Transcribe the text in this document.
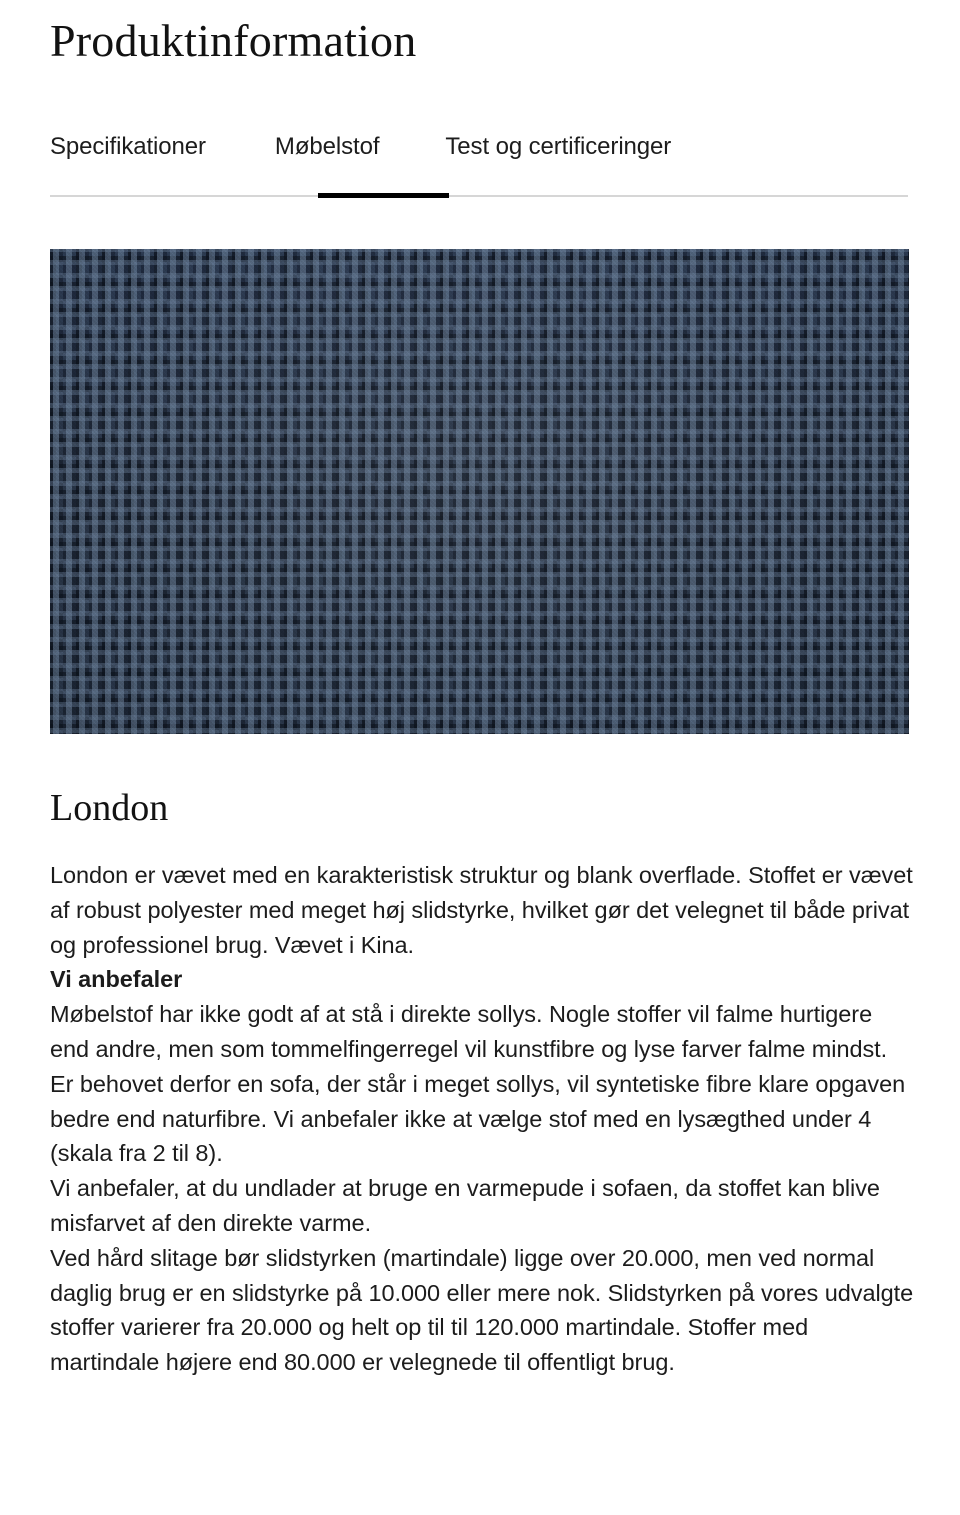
Produktinformation
Specifikationer	Møbelstof	Test og certificeringer
London

London er vævet med en karakteristisk struktur og blank overflade. Stoffet er vævet af robust polyester med meget høj slidstyrke, hvilket gør det velegnet til både privat og professionel brug. Vævet i Kina.

Vi anbefaler

Møbelstof har ikke godt af at stå i direkte sollys. Nogle stoffer vil falme hurtigere end andre, men som tommelfingerregel vil kunstfibre og lyse farver falme mindst. Er behovet derfor en sofa, der står i meget sollys, vil syntetiske fibre klare opgaven bedre end naturfibre. Vi anbefaler ikke at vælge stof med en lysægthed under 4 (skala fra 2 til 8).

Vi anbefaler, at du undlader at bruge en varmepude i sofaen, da stoffet kan blive misfarvet af den direkte varme.

Ved hård slitage bør slidstyrken (martindale) ligge over 20.000, men ved normal daglig brug er en slidstyrke på 10.000 eller mere nok. Slidstyrken på vores udvalgte stoffer varierer fra 20.000 og helt op til til 120.000 martindale. Stoffer med martindale højere end 80.000 er velegnede til offentligt brug.
